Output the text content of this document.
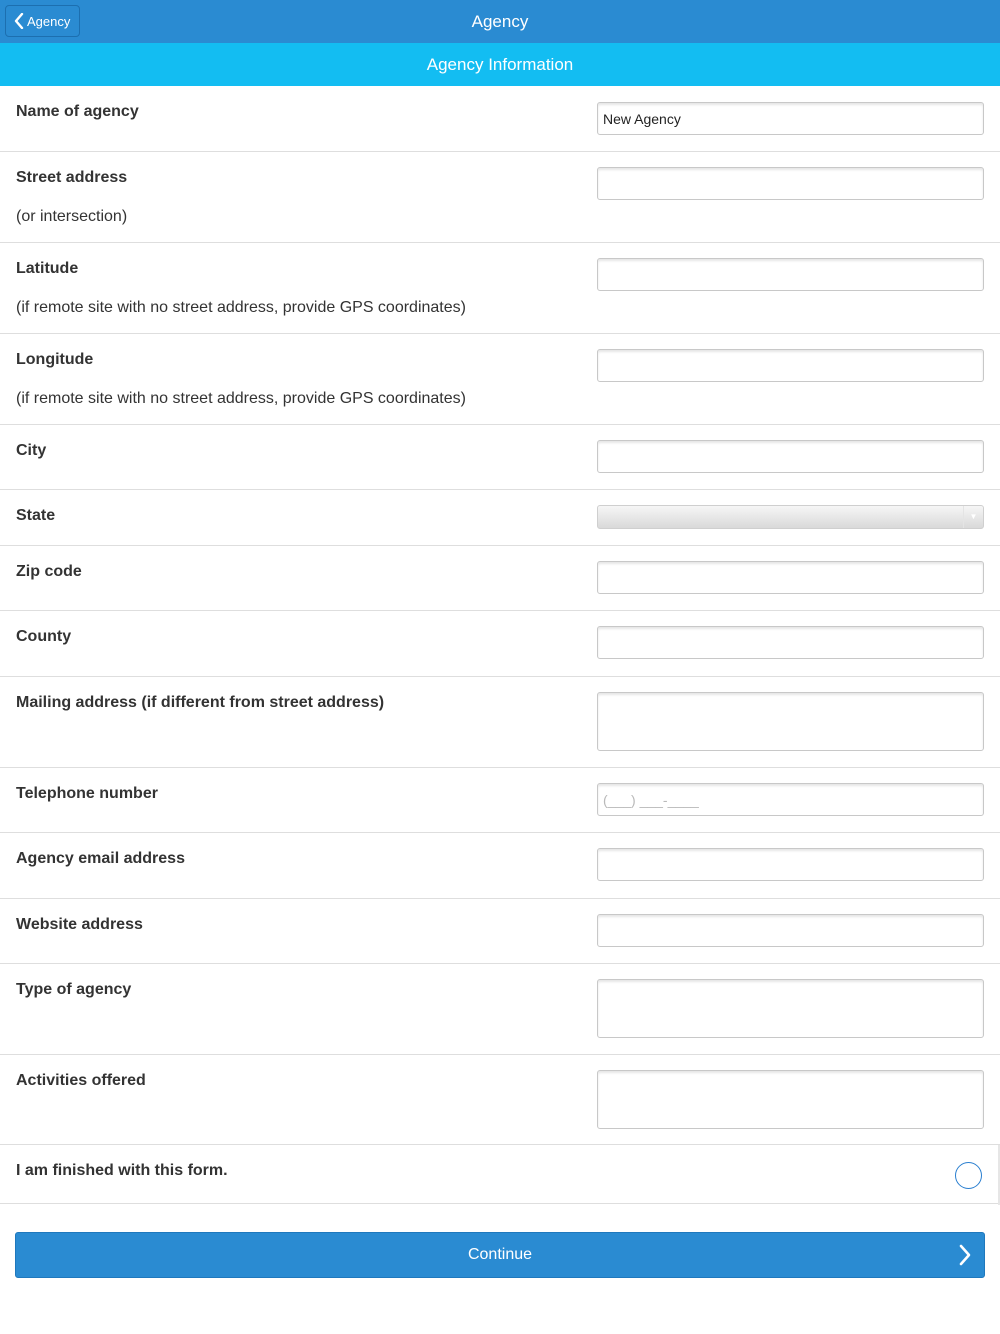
Agency	Agency
Agency Information
Name of agency
New Agency
Street address
(or intersection)
Latitude
(if remote site with no street address, provide GPS coordinates)
Longitude
(if remote site with no street address, provide GPS coordinates)
City
State	▼
Zip code
County
Mailing address (if different from street address)
Telephone number
(___) ___-____
Agency email address
Website address
Type of agency
Activities offered
I am finished with this form.
Continue
